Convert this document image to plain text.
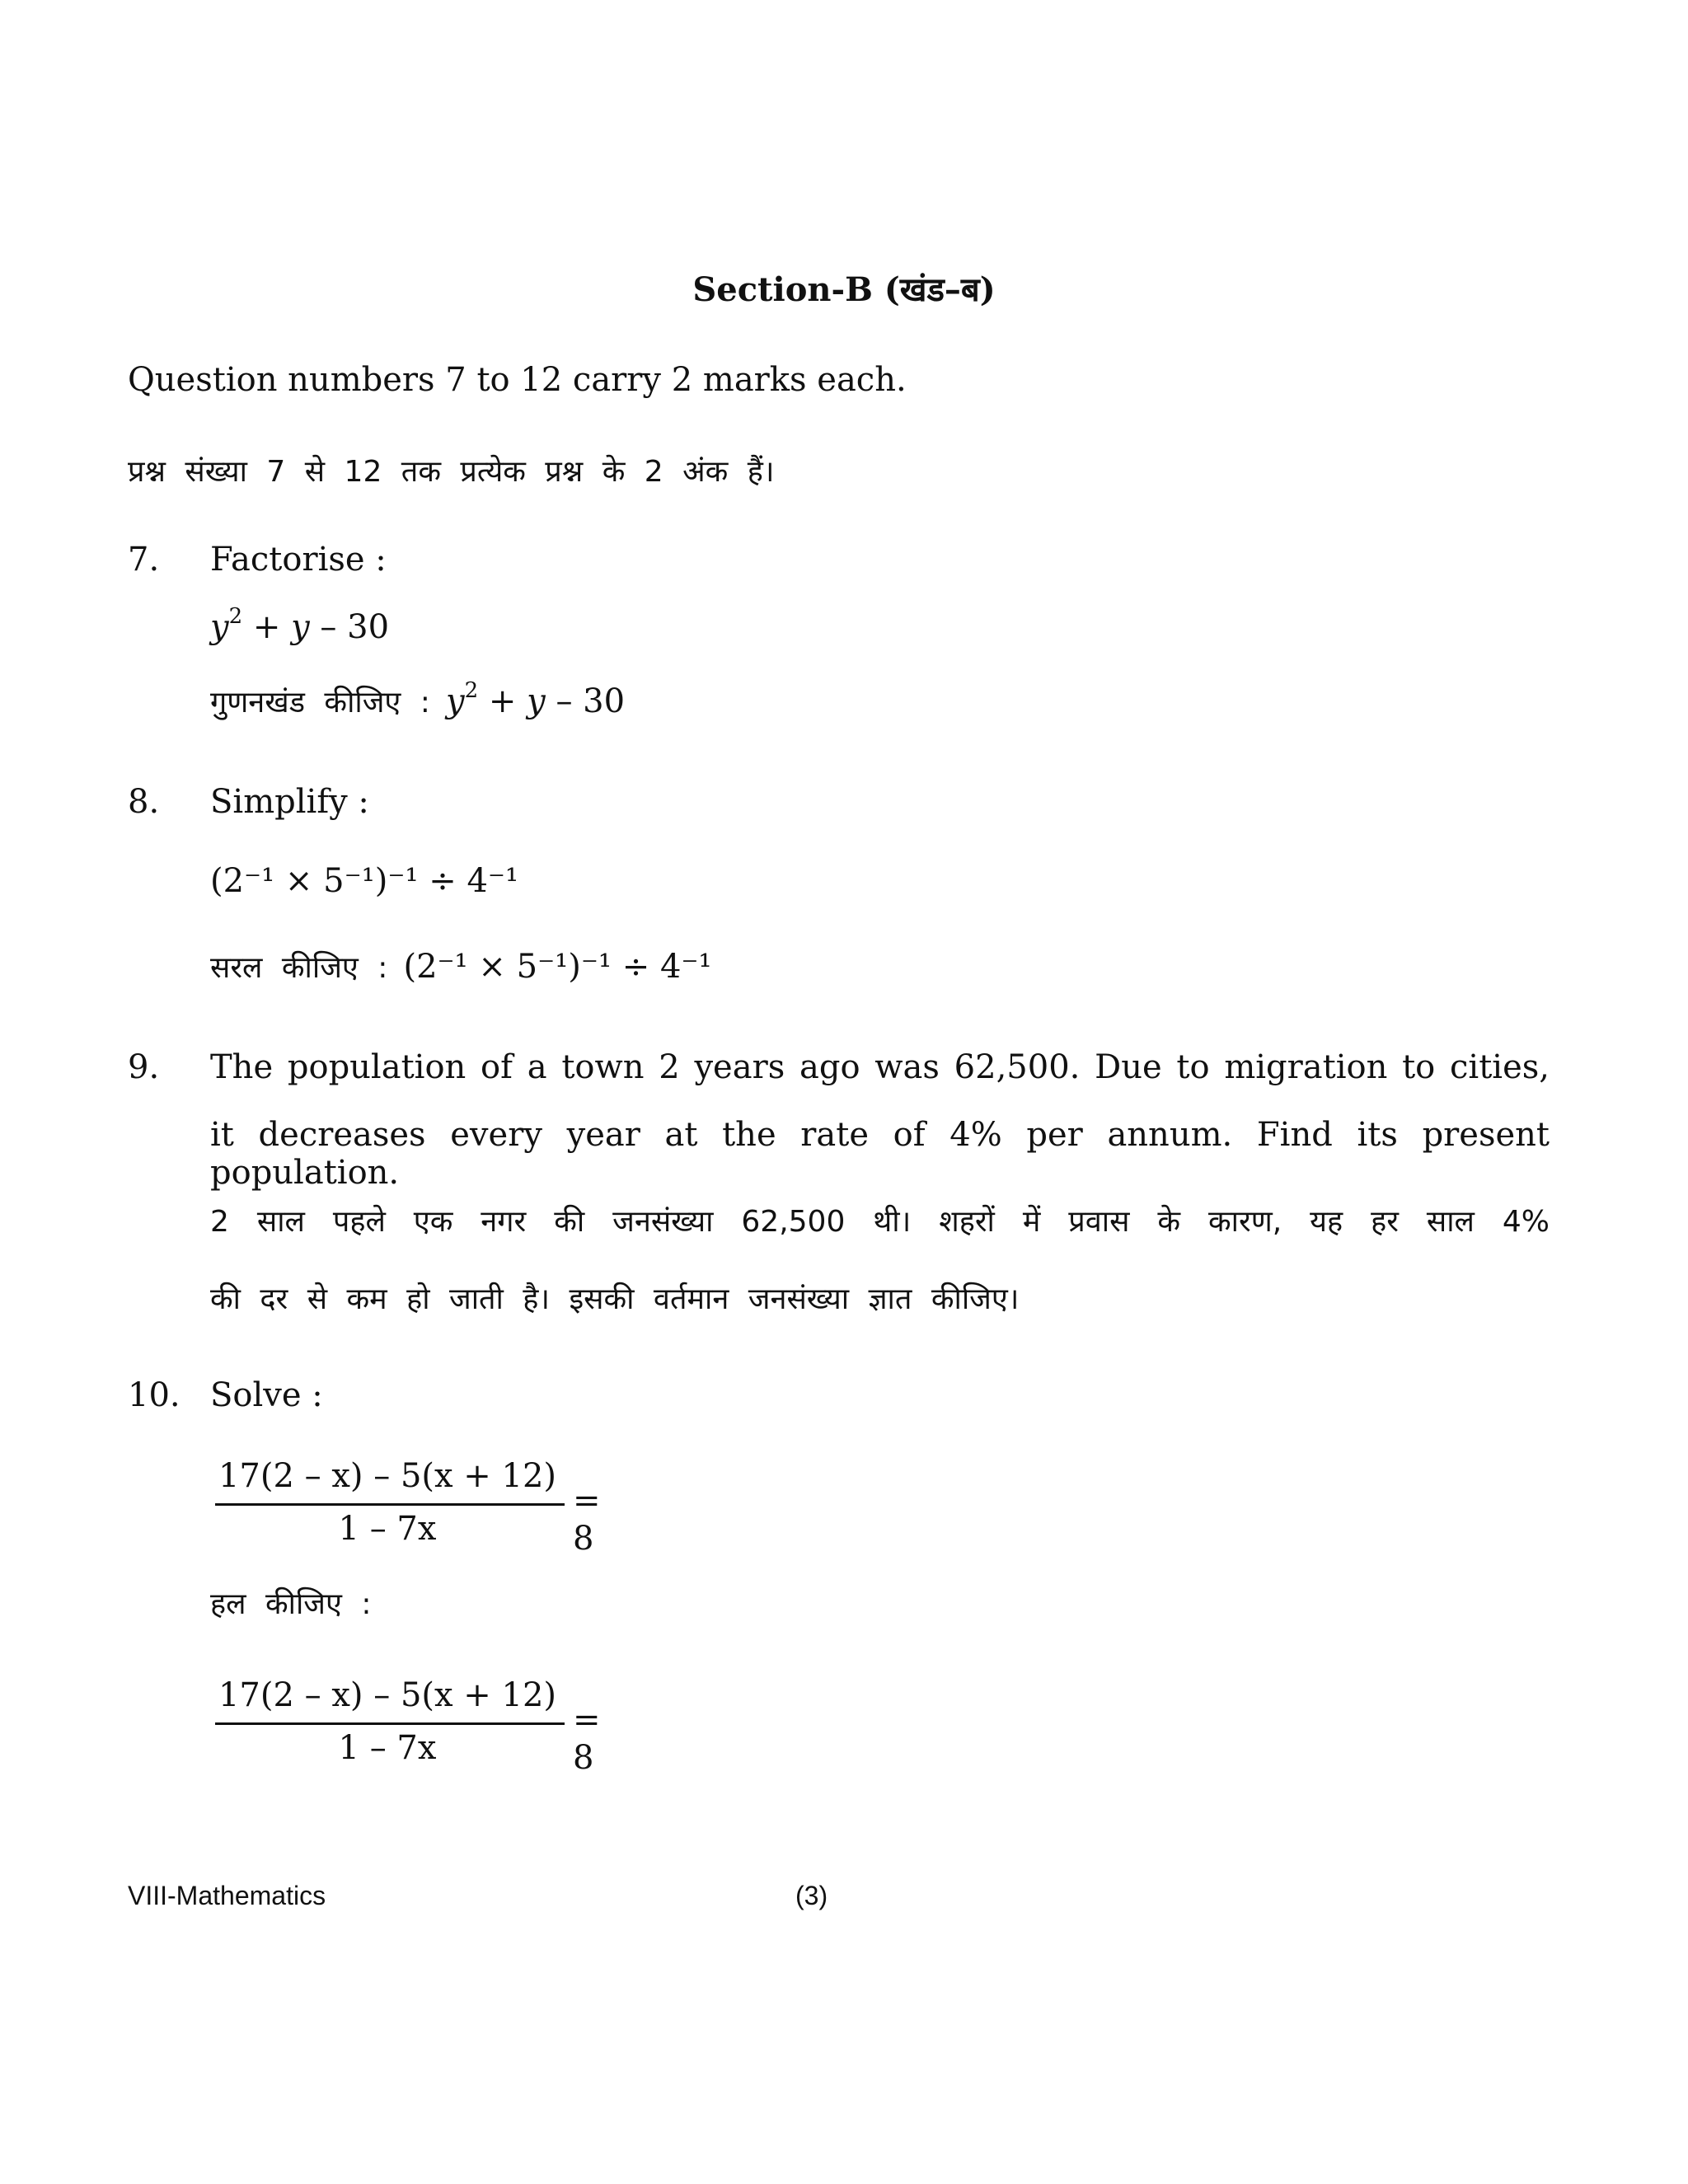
Section-B (खंड–ब)
Question numbers 7 to 12 carry 2 marks each.
प्रश्न संख्या 7 से 12 तक प्रत्येक प्रश्न के 2 अंक हैं।
7. Factorise :
$y^2 + y - 30$
गुणनखंड कीजिए : $y^2 + y - 30$
8. Simplify :
(2⁻¹ × 5⁻¹)⁻¹ ÷ 4⁻¹
सरल कीजिए : (2⁻¹ × 5⁻¹)⁻¹ ÷ 4⁻¹
9. The population of a town 2 years ago was 62,500. Due to migration to cities,
it decreases every year at the rate of 4% per annum. Find its present population.
2 साल पहले एक नगर की जनसंख्या 62,500 थी। शहरों में प्रवास के कारण, यह हर साल 4%
की दर से कम हो जाती है। इसकी वर्तमान जनसंख्या ज्ञात कीजिए।
10. Solve :
17(2 – x) – 5(x + 12)
1 – 7x
= 8
हल कीजिए :
17(2 – x) – 5(x + 12)
1 – 7x
= 8
VIII-Mathematics	(3)
